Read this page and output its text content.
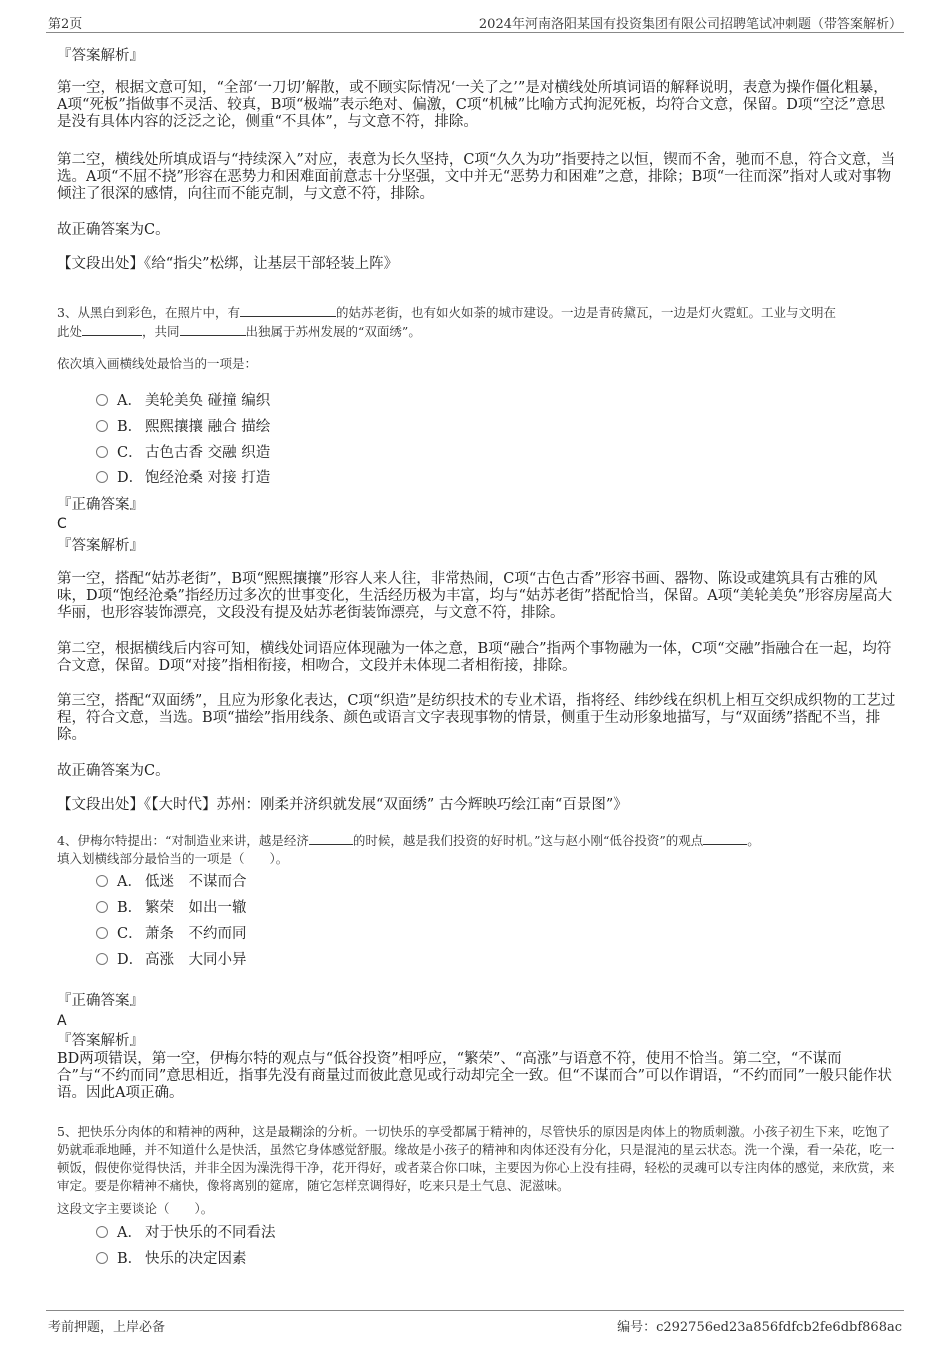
第2页	2024年河南洛阳某国有投资集团有限公司招聘笔试冲刺题（带答案解析）
『答案解析』
第一空，根据文意可知，“全部‘一刀切’解散，或不顾实际情况‘一关了之’”是对横线处所填词语的解释说明，表意为操作僵化粗暴，A项“死板”指做事不灵活、较真，B项“极端”表示绝对、偏激，C项“机械”比喻方式拘泥死板，均符合文意，保留。D项“空泛”意思是没有具体内容的泛泛之论，侧重“不具体”，与文意不符，排除。
第二空，横线处所填成语与“持续深入”对应，表意为长久坚持，C项“久久为功”指要持之以恒，锲而不舍，驰而不息，符合文意，当选。A项“不屈不挠”形容在恶势力和困难面前意志十分坚强，文中并无“恶势力和困难”之意，排除；B项“一往而深”指对人或对事物倾注了很深的感情，向往而不能克制，与文意不符，排除。
故正确答案为C。
【文段出处】《给“指尖”松绑，让基层干部轻装上阵》
3、从黑白到彩色，在照片中，有	的姑苏老街，也有如火如荼的城市建设。一边是青砖黛瓦，一边是灯火霓虹。工业与文明在
此处	，共同	出独属于苏州发展的“双面绣”。
依次填入画横线处最恰当的一项是：
A． 美轮美奂 碰撞 编织
B． 熙熙攘攘 融合 描绘
C． 古色古香 交融 织造
D． 饱经沧桑 对接 打造
『正确答案』
C
『答案解析』
第一空，搭配“姑苏老街”，B项“熙熙攘攘”形容人来人往，非常热闹，C项“古色古香”形容书画、器物、陈设或建筑具有古雅的风味，D项“饱经沧桑”指经历过多次的世事变化，生活经历极为丰富，均与“姑苏老街”搭配恰当，保留。A项“美轮美奂”形容房屋高大华丽，也形容装饰漂亮，文段没有提及姑苏老街装饰漂亮，与文意不符，排除。
第二空，根据横线后内容可知，横线处词语应体现融为一体之意，B项“融合”指两个事物融为一体，C项“交融”指融合在一起，均符合文意，保留。D项“对接”指相衔接，相吻合，文段并未体现二者相衔接，排除。
第三空，搭配“双面绣”，且应为形象化表达，C项“织造”是纺织技术的专业术语，指将经、纬纱线在织机上相互交织成织物的工艺过程，符合文意，当选。B项“描绘”指用线条、颜色或语言文字表现事物的情景，侧重于生动形象地描写，与“双面绣”搭配不当，排除。
故正确答案为C。
【文段出处】《【大时代】苏州：刚柔并济织就发展“双面绣” 古今辉映巧绘江南“百景图”》
4、伊梅尔特提出：“对制造业来讲，越是经济	的时候，越是我们投资的好时机。”这与赵小刚“低谷投资”的观点	。
填入划横线部分最恰当的一项是（　　）。
A． 低迷　不谋而合
B． 繁荣　如出一辙
C． 萧条　不约而同
D． 高涨　大同小异
『正确答案』
A
『答案解析』
BD两项错误，第一空，伊梅尔特的观点与“低谷投资”相呼应，“繁荣”、“高涨”与语意不符，使用不恰当。第二空，“不谋而合”与“不约而同”意思相近，指事先没有商量过而彼此意见或行动却完全一致。但“不谋而合”可以作谓语，“不约而同”一般只能作状语。因此A项正确。
5、把快乐分肉体的和精神的两种，这是最糊涂的分析。一切快乐的享受都属于精神的，尽管快乐的原因是肉体上的物质刺激。小孩子初生下来，吃饱了奶就乖乖地睡，并不知道什么是快活，虽然它身体感觉舒服。缘故是小孩子的精神和肉体还没有分化，只是混沌的星云状态。洗一个澡，看一朵花，吃一顿饭，假使你觉得快活，并非全因为澡洗得干净，花开得好，或者菜合你口味，主要因为你心上没有挂碍，轻松的灵魂可以专注肉体的感觉，来欣赏，来审定。要是你精神不痛快，像将离别的筵席，随它怎样烹调得好，吃来只是土气息、泥滋味。
这段文字主要谈论（　　）。
A． 对于快乐的不同看法
B． 快乐的决定因素
考前押题，上岸必备	编号：c292756ed23a856fdfcb2fe6dbf868ac
